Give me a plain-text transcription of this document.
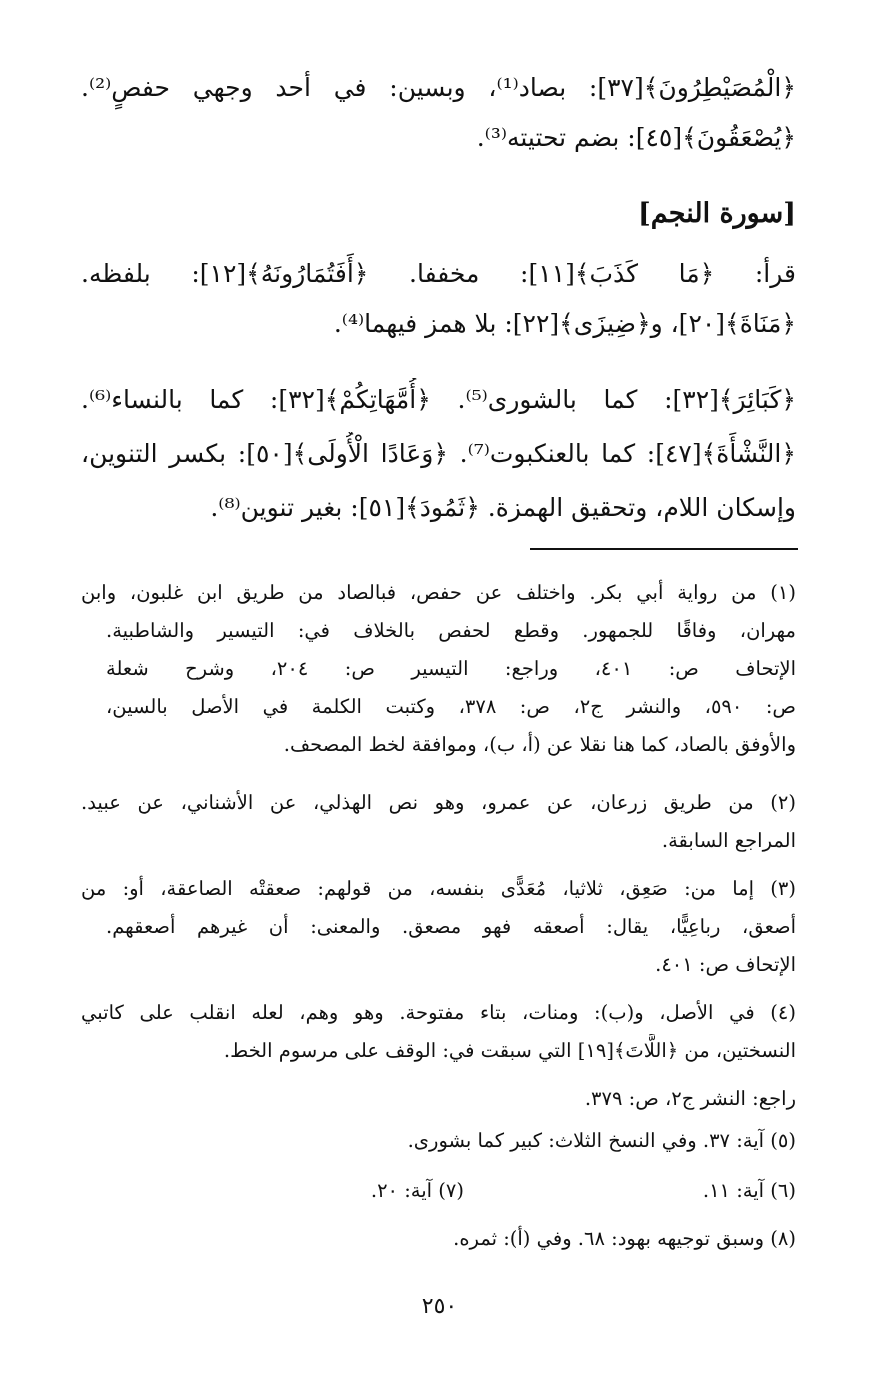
﴿الْمُصَيْطِرُونَ﴾[٣٧]: بصاد⁽¹⁾، وبسين: في أحد وجهي حفصٍ⁽²⁾.
﴿يُصْعَقُونَ﴾[٤٥]: بضم تحتيته⁽³⁾.
[سورة النجم]
قرأ: ﴿مَا كَذَبَ﴾[١١]: مخففا. ﴿أَفَتُمَارُونَهُ﴾[١٢]: بلفظه.
﴿مَنَاةَ﴾[٢٠]، و﴿ضِيزَى﴾[٢٢]: بلا همز فيهما⁽⁴⁾.
﴿كَبَائِرَ﴾[٣٢]: كما بالشورى⁽⁵⁾. ﴿أُمَّهَاتِكُمْ﴾[٣٢]: كما بالنساء⁽⁶⁾.
﴿النَّشْأَةَ﴾[٤٧]: كما بالعنكبوت⁽⁷⁾. ﴿وَعَادًا الْأُولَى﴾[٥٠]: بكسر التنوين،
وإسكان اللام، وتحقيق الهمزة. ﴿ثَمُودَ﴾[٥١]: بغير تنوين⁽⁸⁾.
(١) من رواية أبي بكر. واختلف عن حفص، فبالصاد من طريق ابن غلبون، وابن
مهران، وفاقًا للجمهور. وقطع لحفص بالخلاف في: التيسير والشاطبية.
الإتحاف ص: ٤٠١، وراجع: التيسير ص: ٢٠٤، وشرح شعلة
ص: ٥٩٠، والنشر ج٢، ص: ٣٧٨، وكتبت الكلمة في الأصل بالسين،
والأوفق بالصاد، كما هنا نقلا عن (أ، ب)، وموافقة لخط المصحف.
(٢) من طريق زرعان، عن عمرو، وهو نص الهذلي، عن الأشناني، عن عبيد.
المراجع السابقة.
(٣) إما من: صَعِق، ثلاثيا، مُعَدًّى بنفسه، من قولهم: صعقتْه الصاعقة، أو: من
أصعق، رباعِيًّا، يقال: أصعقه فهو مصعق. والمعنى: أن غيرهم أصعقهم.
الإتحاف ص: ٤٠١.
(٤) في الأصل، و(ب): ومنات، بتاء مفتوحة. وهو وهم، لعله انقلب على كاتبي
النسختين، من ﴿اللَّاتَ﴾[١٩] التي سبقت في: الوقف على مرسوم الخط.
راجع: النشر ج٢، ص: ٣٧٩.
(٥) آية: ٣٧. وفي النسخ الثلاث: كبير كما بشورى.
(٦) آية: ١١.
(٧) آية: ٢٠.
(٨) وسبق توجيهه بهود: ٦٨. وفي (أ): ثمره.
٢٥٠
